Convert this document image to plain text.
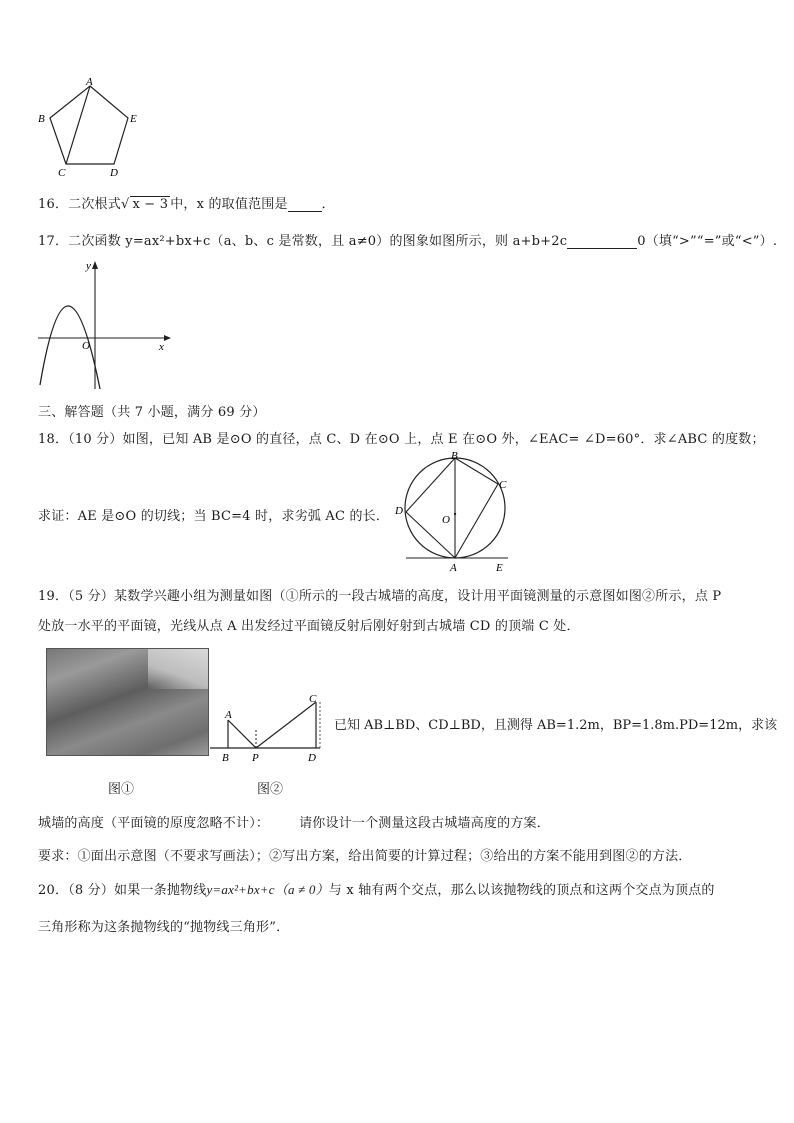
A
B	E
C	D
16．二次根式√ x − 3 中，x 的取值范围是	．
17．二次函数 y=ax²+bx+c（a、b、c 是常数，且 a≠0）的图象如图所示，则 a+b+2c	0（填“>”“=”或“<”）.
y
x
O
三、解答题（共 7 小题，满分 69 分）
18．（10 分）如图，已知 AB 是⊙O 的直径，点 C、D 在⊙O 上，点 E 在⊙O 外，∠EAC= ∠D=60°．求∠ABC 的度数；
求证：AE 是⊙O 的切线；当 BC=4 时，求劣弧 AC 的长．
B
C
D
O
A	E
19．（5 分）某数学兴趣小组为测量如图（①所示的一段古城墙的高度，设计用平面镜测量的示意图如图②所示，点 P
处放一水平的平面镜，光线从点 A 出发经过平面镜反射后刚好射到古城墙 CD 的顶端 C 处．
A
B P
C
D
已知 AB⊥BD、CD⊥BD，且测得 AB=1.2m，BP=1.8m.PD=12m，求该
图①	图②
城墙的高度（平面镜的原度忽略不计）： 请你设计一个测量这段古城墙高度的方案．
要求：①面出示意图（不要求写画法）；②写出方案，给出简要的计算过程；③给出的方案不能用到图②的方法．
20．（8 分）如果一条抛物线y=ax²+bx+c（a ≠ 0）与 x 轴有两个交点，那么以该抛物线的顶点和这两个交点为顶点的
三角形称为这条抛物线的“抛物线三角形”．
